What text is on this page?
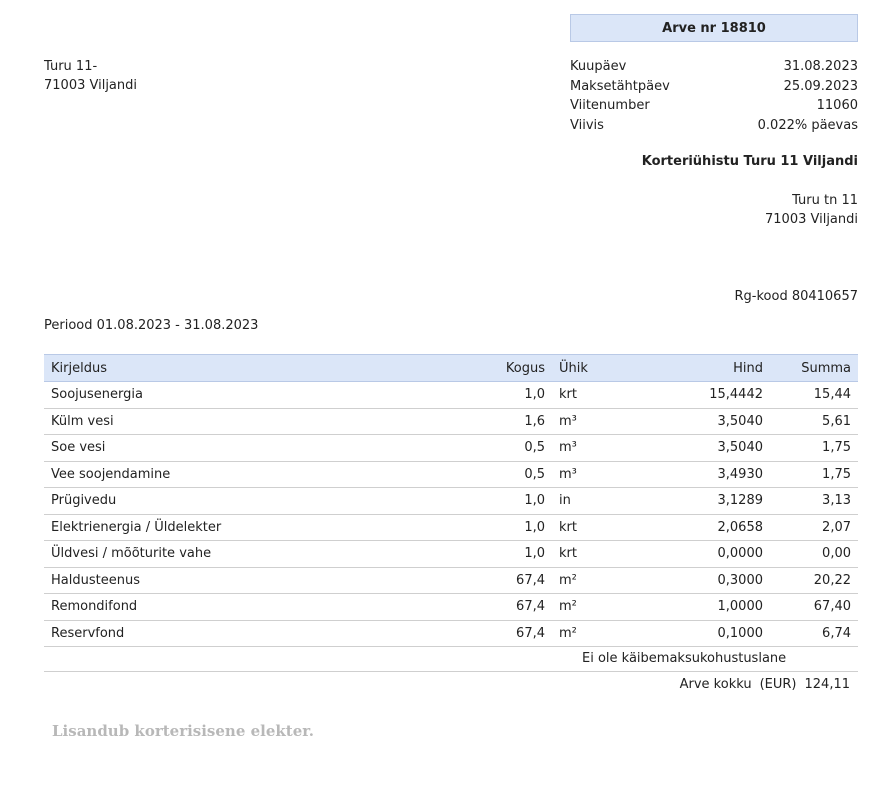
Arve nr 18810
Turu 11-
71003 Viljandi
Kuupäev	31.08.2023
Maksetähtpäev	25.09.2023
Viitenumber	11060
Viivis	0.022% päevas
Korteriühistu Turu 11 Viljandi
Turu tn 11
71003 Viljandi
Rg-kood 80410657
Periood 01.08.2023 - 31.08.2023
Kirjeldus	Kogus	Ühik	Hind	Summa
Soojusenergia	1,0	krt	15,4442	15,44
Külm vesi	1,6	m³	3,5040	5,61
Soe vesi	0,5	m³	3,5040	1,75
Vee soojendamine	0,5	m³	3,4930	1,75
Prügivedu	1,0	in	3,1289	3,13
Elektrienergia / Üldelekter	1,0	krt	2,0658	2,07
Üldvesi / mõõturite vahe	1,0	krt	0,0000	0,00
Haldusteenus	67,4	m²	0,3000	20,22
Remondifond	67,4	m²	1,0000	67,40
Reservfond	67,4	m²	0,1000	6,74
Ei ole käibemaksukohustuslane
Arve kokku (EUR) 124,11
Lisandub korterisisene elekter.
